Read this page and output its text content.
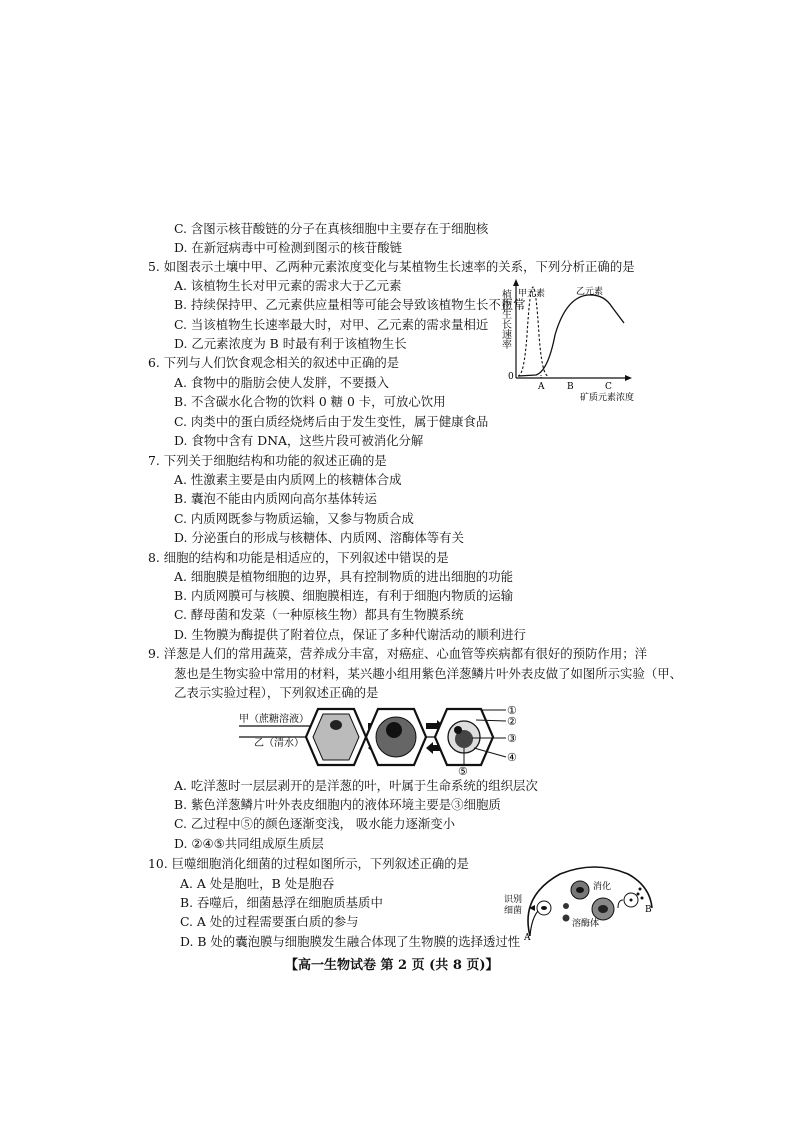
C. 含图示核苷酸链的分子在真核细胞中主要存在于细胞核
D. 在新冠病毒中可检测到图示的核苷酸链
5. 如图表示土壤中甲、乙两种元素浓度变化与某植物生长速率的关系，下列分析正确的是
A. 该植物生长对甲元素的需求大于乙元素
B. 持续保持甲、乙元素供应量相等可能会导致该植物生长不正常
C. 当该植物生长速率最大时，对甲、乙元素的需求量相近
D. 乙元素浓度为 B 时最有利于该植物生长	植物生长速率
0
甲元素	乙元素
A	B	C
矿质元素浓度
6. 下列与人们饮食观念相关的叙述中正确的是
A. 食物中的脂肪会使人发胖，不要摄入
B. 不含碳水化合物的饮料 0 糖 0 卡，可放心饮用
C. 肉类中的蛋白质经烧烤后由于发生变性，属于健康食品
D. 食物中含有 DNA，这些片段可被消化分解
7. 下列关于细胞结构和功能的叙述正确的是
A. 性激素主要是由内质网上的核糖体合成
B. 囊泡不能由内质网向高尔基体转运
C. 内质网既参与物质运输，又参与物质合成
D. 分泌蛋白的形成与核糖体、内质网、溶酶体等有关
8. 细胞的结构和功能是相适应的，下列叙述中错误的是
A. 细胞膜是植物细胞的边界，具有控制物质的进出细胞的功能
B. 内质网膜可与核膜、细胞膜相连，有利于细胞内物质的运输
C. 酵母菌和发菜（一种原核生物）都具有生物膜系统
D. 生物膜为酶提供了附着位点，保证了多种代谢活动的顺利进行
9. 洋葱是人们的常用蔬菜，营养成分丰富，对癌症、心血管等疾病都有很好的预防作用；洋
葱也是生物实验中常用的材料，某兴趣小组用紫色洋葱鳞片叶外表皮做了如图所示实验（甲、
乙表示实验过程），下列叙述正确的是
甲（蔗糖溶液）
乙（清水）
①
②
③
④
⑤
A. 吃洋葱时一层层剥开的是洋葱的叶，叶属于生命系统的组织层次
B. 紫色洋葱鳞片叶外表皮细胞内的液体环境主要是③细胞质
C. 乙过程中⑤的颜色逐渐变浅， 吸水能力逐渐变小
D. ②④⑤共同组成原生质层
10. 巨噬细胞消化细菌的过程如图所示，下列叙述正确的是
A. A 处是胞吐，B 处是胞吞
B. 吞噬后，细菌悬浮在细胞质基质中
C. A 处的过程需要蛋白质的参与
D. B 处的囊泡膜与细胞膜发生融合体现了生物膜的选择透过性
识别
细菌
消化
溶酶体
B
A
【高一生物试卷 第 2 页 (共 8 页)】
